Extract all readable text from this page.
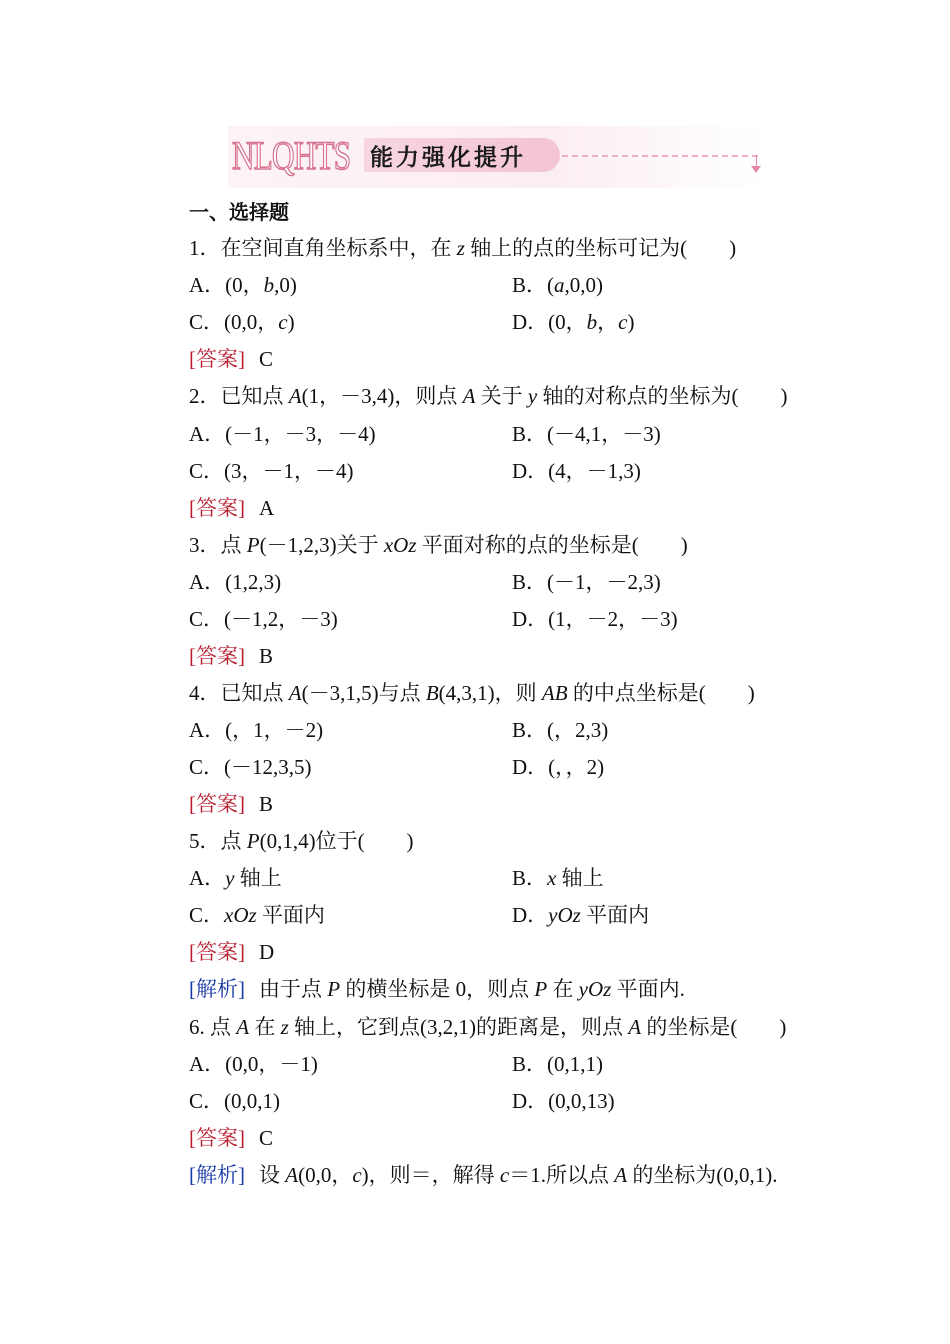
NLQHTS 能力强化提升
一、选择题
1．在空间直角坐标系中，在 z 轴上的点的坐标可记为(　　)
A．(0，b,0)	B．(a,0,0)
C．(0,0，c)	D．(0，b，c)
[答案] C
2．已知点 A(1，－3,4)，则点 A 关于 y 轴的对称点的坐标为(　　)
A．(－1，－3，－4)	B．(－4,1，－3)
C．(3，－1，－4)	D．(4，－1,3)
[答案] A
3．点 P(－1,2,3)关于 xOz 平面对称的点的坐标是(　　)
A．(1,2,3)	B．(－1，－2,3)
C．(－1,2，－3)	D．(1，－2，－3)
[答案] B
4．已知点 A(－3,1,5)与点 B(4,3,1)，则 AB 的中点坐标是(　　)
A．(，1，－2)	B．(，2,3)
C．(－12,3,5)	D．(，，2)
[答案] B
5．点 P(0,1,4)位于(　　)
A．y 轴上	B．x 轴上
C．xOz 平面内	D．yOz 平面内
[答案] D
[解析] 由于点 P 的横坐标是 0，则点 P 在 yOz 平面内.
6. 点 A 在 z 轴上，它到点(3,2,1)的距离是，则点 A 的坐标是(　　)
A．(0,0，－1)	B．(0,1,1)
C．(0,0,1)	D．(0,0,13)
[答案] C
[解析] 设 A(0,0，c)，则＝，解得 c＝1.所以点 A 的坐标为(0,0,1).
